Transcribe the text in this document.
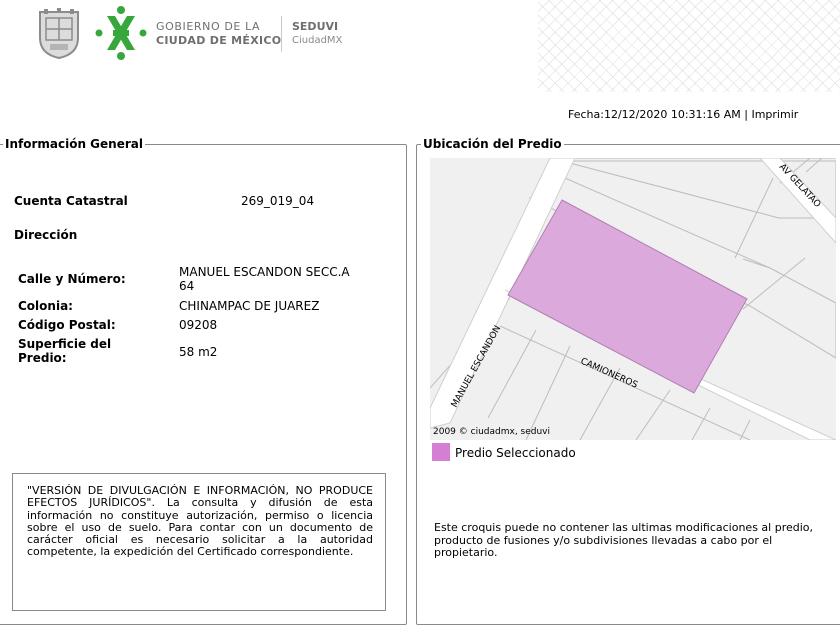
GOBIERNO DE LA
CIUDAD DE MÉXICO
SEDUVI
CiudadMX
Fecha:12/12/2020 10:31:16 AM | Imprimir
Información General
Cuenta Catastral	269_019_04
Dirección
Calle y Número:	MANUEL ESCANDON SECC.A
64
Colonia:	CHINAMPAC DE JUAREZ
Código Postal:	09208
Superficie del
Predio:	58 m2
"VERSIÓN DE DIVULGACIÓN E INFORMACIÓN, NO PRODUCE EFECTOS JURÍDICOS". La consulta y difusión de esta información no constituye autorización, permiso o licencia sobre el uso de suelo. Para contar con un documento de carácter oficial es necesario solicitar a la autoridad competente, la expedición del Certificado correspondiente.
Ubicación del Predio
MANUEL ESCANDON	CAMIONEROS
AV GELATAO
2009 © ciudadmx, seduvi
Predio Seleccionado
Este croquis puede no contener las ultimas modificaciones al predio, producto de fusiones y/o subdivisiones llevadas a cabo por el propietario.
